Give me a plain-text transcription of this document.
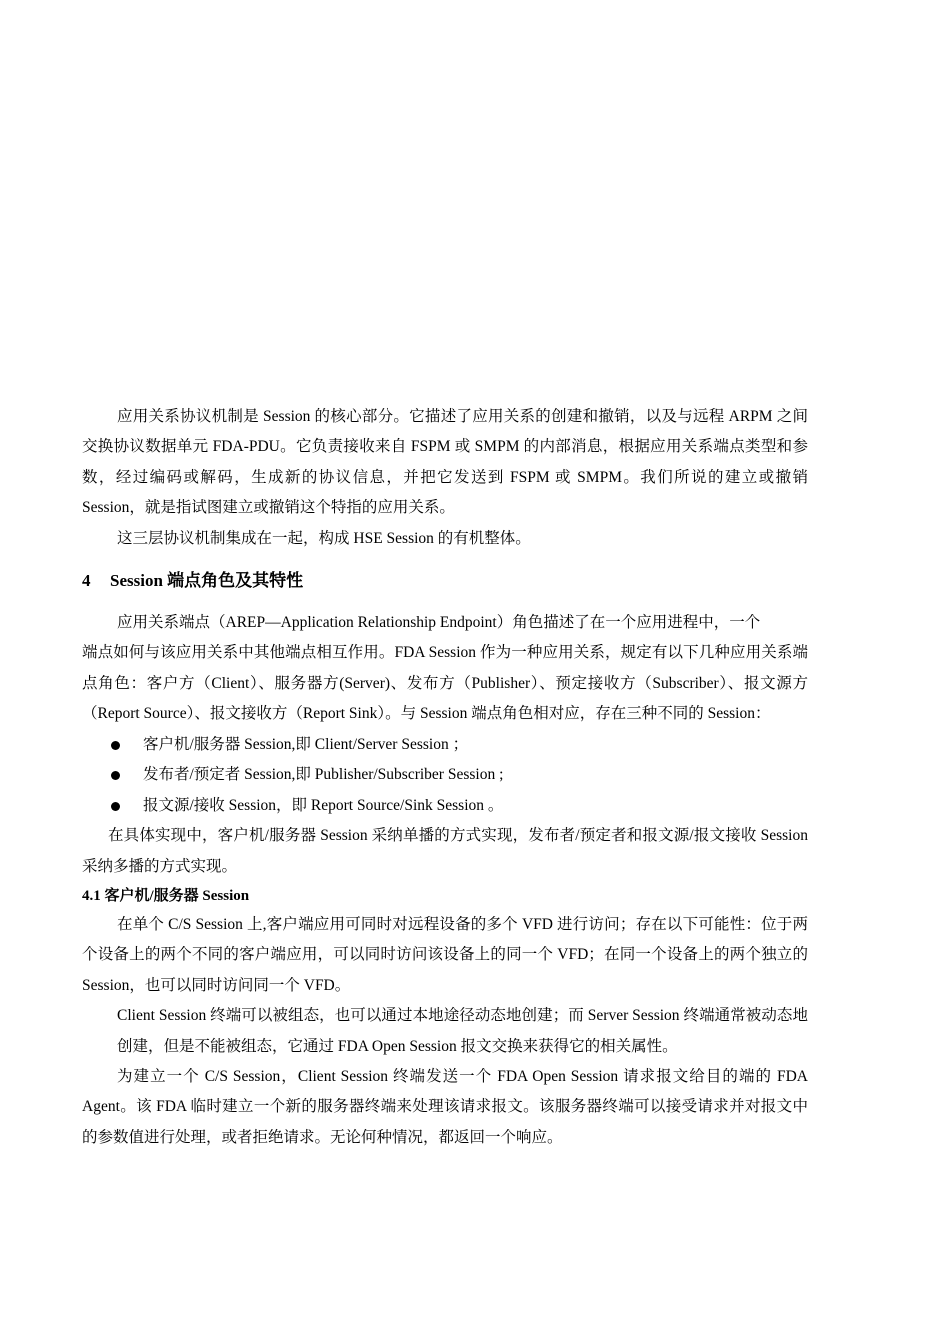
应用关系协议机制是 Session 的核心部分。它描述了应用关系的创建和撤销，以及与远程 ARPM 之间交换协议数据单元 FDA-PDU。它负责接收来自 FSPM 或 SMPM 的内部消息，根据应用关系端点类型和参数，经过编码或解码，生成新的协议信息，并把它发送到 FSPM 或 SMPM。我们所说的建立或撤销 Session，就是指试图建立或撤销这个特指的应用关系。

这三层协议机制集成在一起，构成 HSE Session 的有机整体。

4 Session 端点角色及其特性

应用关系端点（AREP—Application Relationship Endpoint）角色描述了在一个应用进程中，一个

端点如何与该应用关系中其他端点相互作用。FDA Session 作为一种应用关系，规定有以下几种应用关系端点角色：客户方（Client）、服务器方(Server)、发布方（Publisher）、预定接收方（Subscriber）、报文源方（Report Source）、报文接收方（Report Sink）。与 Session 端点角色相对应，存在三种不同的 Session：

客户机/服务器 Session,即 Client/Server Session ；
发布者/预定者 Session,即 Publisher/Subscriber Session ;
报文源/接收 Session，即 Report Source/Sink Session 。

在具体实现中，客户机/服务器 Session 采纳单播的方式实现，发布者/预定者和报文源/报文接收 Session 采纳多播的方式实现。

4.1 客户机/服务器 Session

在单个 C/S Session 上,客户端应用可同时对远程设备的多个 VFD 进行访问；存在以下可能性：位于两个设备上的两个不同的客户端应用，可以同时访问该设备上的同一个 VFD；在同一个设备上的两个独立的 Session，也可以同时访问同一个 VFD。

Client Session 终端可以被组态，也可以通过本地途径动态地创建；而 Server Session 终端通常被动态地创建，但是不能被组态，它通过 FDA Open Session 报文交换来获得它的相关属性。

为建立一个 C/S Session，Client Session 终端发送一个 FDA Open Session 请求报文给目的端的 FDA Agent。该 FDA 临时建立一个新的服务器终端来处理该请求报文。该服务器终端可以接受请求并对报文中的参数值进行处理，或者拒绝请求。无论何种情况，都返回一个响应。
